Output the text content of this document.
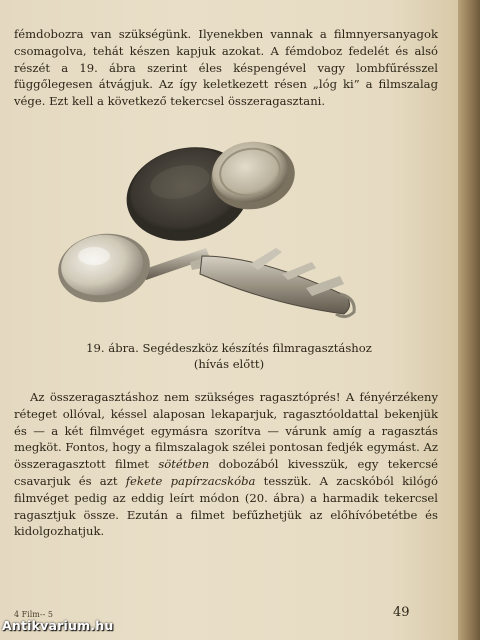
fémdobozra van szükségünk. Ilyenekben vannak a filmnyersanyagok csomagolva, tehát készen kapjuk azokat. A fémdoboz fedelét és alsó részét a 19. ábra szerint éles késpengével vagy lombfűrésszel függőlegesen átvágjuk. Az így keletkezett résen „lóg ki” a filmszalag vége. Ezt kell a következő tekercsel összeragasztani.

19. ábra. Segédeszköz készítés filmragasztáshoz

(hívás előtt)

Az összeragasztáshoz nem szükséges ragasztóprés! A fényérzékeny réteget ollóval, késsel alaposan lekaparjuk, ragasztóoldattal bekenjük és — a két filmvéget egymásra szorítva — várunk amíg a ragasztás megköt. Fontos, hogy a filmszalagok szélei pontosan fedjék egymást. Az összeragasztott filmet sötétben dobozából kivesszük, egy tekercsé csavarjuk és azt fekete papírzacskóba tesszük. A zacskóból kilógó filmvéget pedig az eddig leírt módon (20. ábra) a harmadik tekercsel ragasztjuk össze. Ezután a filmet befűzhetjük az előhívóbetétbe és kidolgozhatjuk.

4 Film-- 5	49

Antikvarium.hu
